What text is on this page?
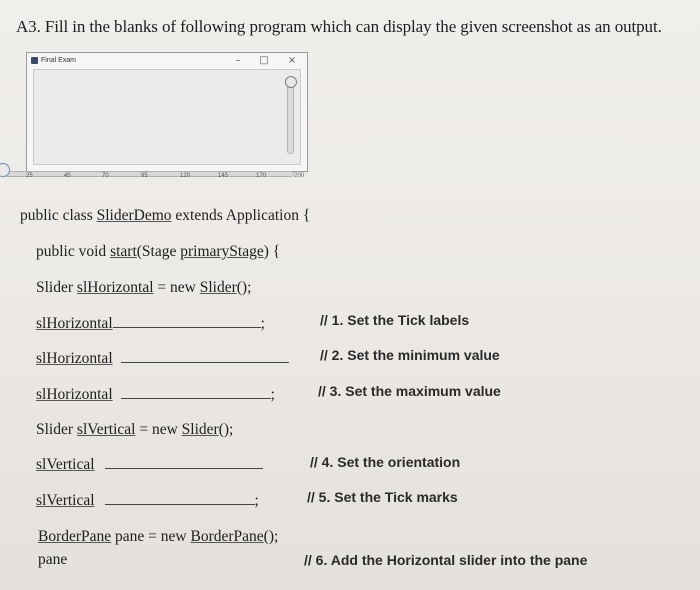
A3. Fill in the blanks of following program which can display the given screenshot as an output.
Final Exam	–	□	×
25	45	70	95	120	145	170	200
public class SliderDemo extends Application {
public void start(Stage primaryStage) {
Slider slHorizontal = new Slider();
slHorizontal	;	// 1. Set the Tick labels
slHorizontal	// 2. Set the minimum value
slHorizontal	;	// 3. Set the maximum value
Slider slVertical = new Slider();
slVertical	// 4. Set the orientation
slVertical	;	// 5. Set the Tick marks
BorderPane pane = new BorderPane();
pane	// 6. Add the Horizontal slider into the pane
